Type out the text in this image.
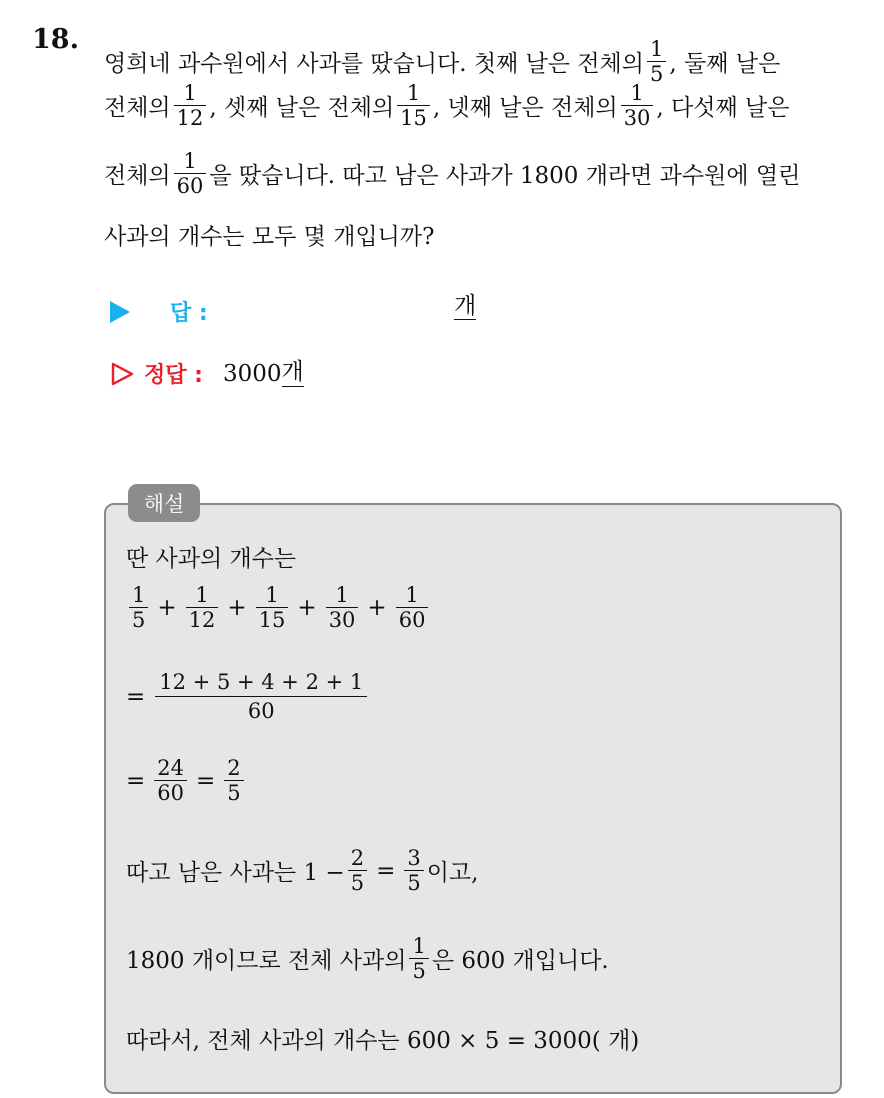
18.
영희네 과수원에서 사과를 땄습니다. 첫째 날은 전체의 $\frac{1}{5}$ , 둘째 날은
전체의 $\frac{1}{12}$ , 셋째 날은 전체의 $\frac{1}{15}$ , 넷째 날은 전체의 $\frac{1}{30}$ , 다섯째 날은
전체의 $\frac{1}{60}$ 을 땄습니다. 따고 남은 사과가 1800 개라면 과수원에 열린
사과의 개수는 모두 몇 개입니까?
답 :	개
정답 : 3000 개
해설
딴 사과의 개수는
$\frac{1}{5} + \frac{1}{12} + \frac{1}{15} + \frac{1}{30} + \frac{1}{60}$
= $\frac{12 + 5 + 4 + 2 + 1}{60}$
= $\frac{24}{60} = \frac{2}{5}$
따고 남은 사과는 $1 - \frac{2}{5} = \frac{3}{5}$ 이고,
1800 개이므로 전체 사과의 $\frac{1}{5}$ 은 600 개입니다.
따라서, 전체 사과의 개수는 600 × 5 = 3000( 개)
